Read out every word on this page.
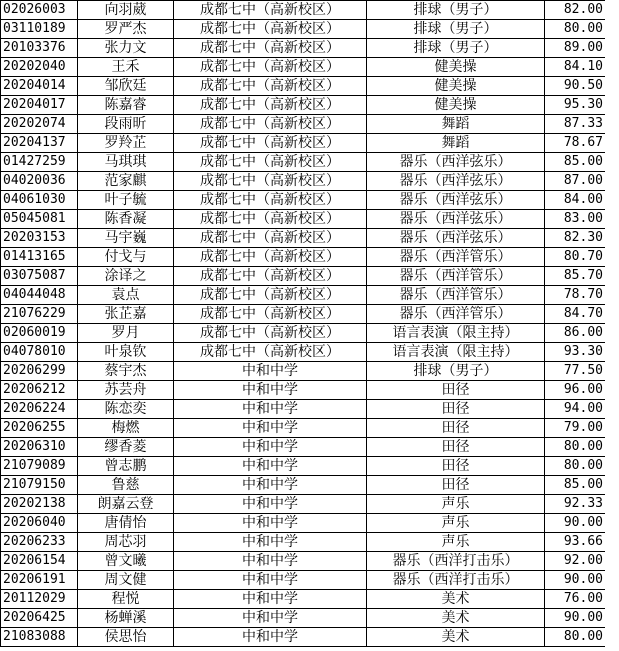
02026003	向羽葳	成都七中（高新校区）	排球（男子）	82.00
03110189	罗严杰	成都七中（高新校区）	排球（男子）	80.00
20103376	张力文	成都七中（高新校区）	排球（男子）	89.00
20202040	王禾	成都七中（高新校区）	健美操	84.10
20204014	邹欣廷	成都七中（高新校区）	健美操	90.50
20204017	陈嘉睿	成都七中（高新校区）	健美操	95.30
20202074	段雨昕	成都七中（高新校区）	舞蹈	87.33
20204137	罗羚芷	成都七中（高新校区）	舞蹈	78.67
01427259	马琪琪	成都七中（高新校区）	器乐（西洋弦乐）	85.00
04020036	范家麒	成都七中（高新校区）	器乐（西洋弦乐）	87.00
04061030	叶子毓	成都七中（高新校区）	器乐（西洋弦乐）	84.00
05045081	陈香凝	成都七中（高新校区）	器乐（西洋弦乐）	83.00
20203153	马宇巍	成都七中（高新校区）	器乐（西洋弦乐）	82.30
01413165	付戈与	成都七中（高新校区）	器乐（西洋管乐）	80.70
03075087	涂译之	成都七中（高新校区）	器乐（西洋管乐）	85.70
04044048	袁点	成都七中（高新校区）	器乐（西洋管乐）	78.70
21076229	张芷嘉	成都七中（高新校区）	器乐（西洋管乐）	84.70
02060019	罗月	成都七中（高新校区）	语言表演（限主持）	86.00
04078010	叶泉钦	成都七中（高新校区）	语言表演（限主持）	93.30
20206299	蔡宇杰	中和中学	排球（男子）	77.50
20206212	苏芸舟	中和中学	田径	96.00
20206224	陈恋奕	中和中学	田径	94.00
20206255	梅燃	中和中学	田径	79.00
20206310	缪香菱	中和中学	田径	80.00
21079089	曾志鹏	中和中学	田径	80.00
21079150	鲁慈	中和中学	田径	85.00
20202138	朗嘉云登	中和中学	声乐	92.33
20206040	唐倩怡	中和中学	声乐	90.00
20206233	周芯羽	中和中学	声乐	93.66
20206154	曾文曦	中和中学	器乐（西洋打击乐）	92.00
20206191	周文健	中和中学	器乐（西洋打击乐）	90.00
20112029	程悦	中和中学	美术	76.00
20206425	杨蝉溪	中和中学	美术	90.00
21083088	侯思怡	中和中学	美术	80.00
